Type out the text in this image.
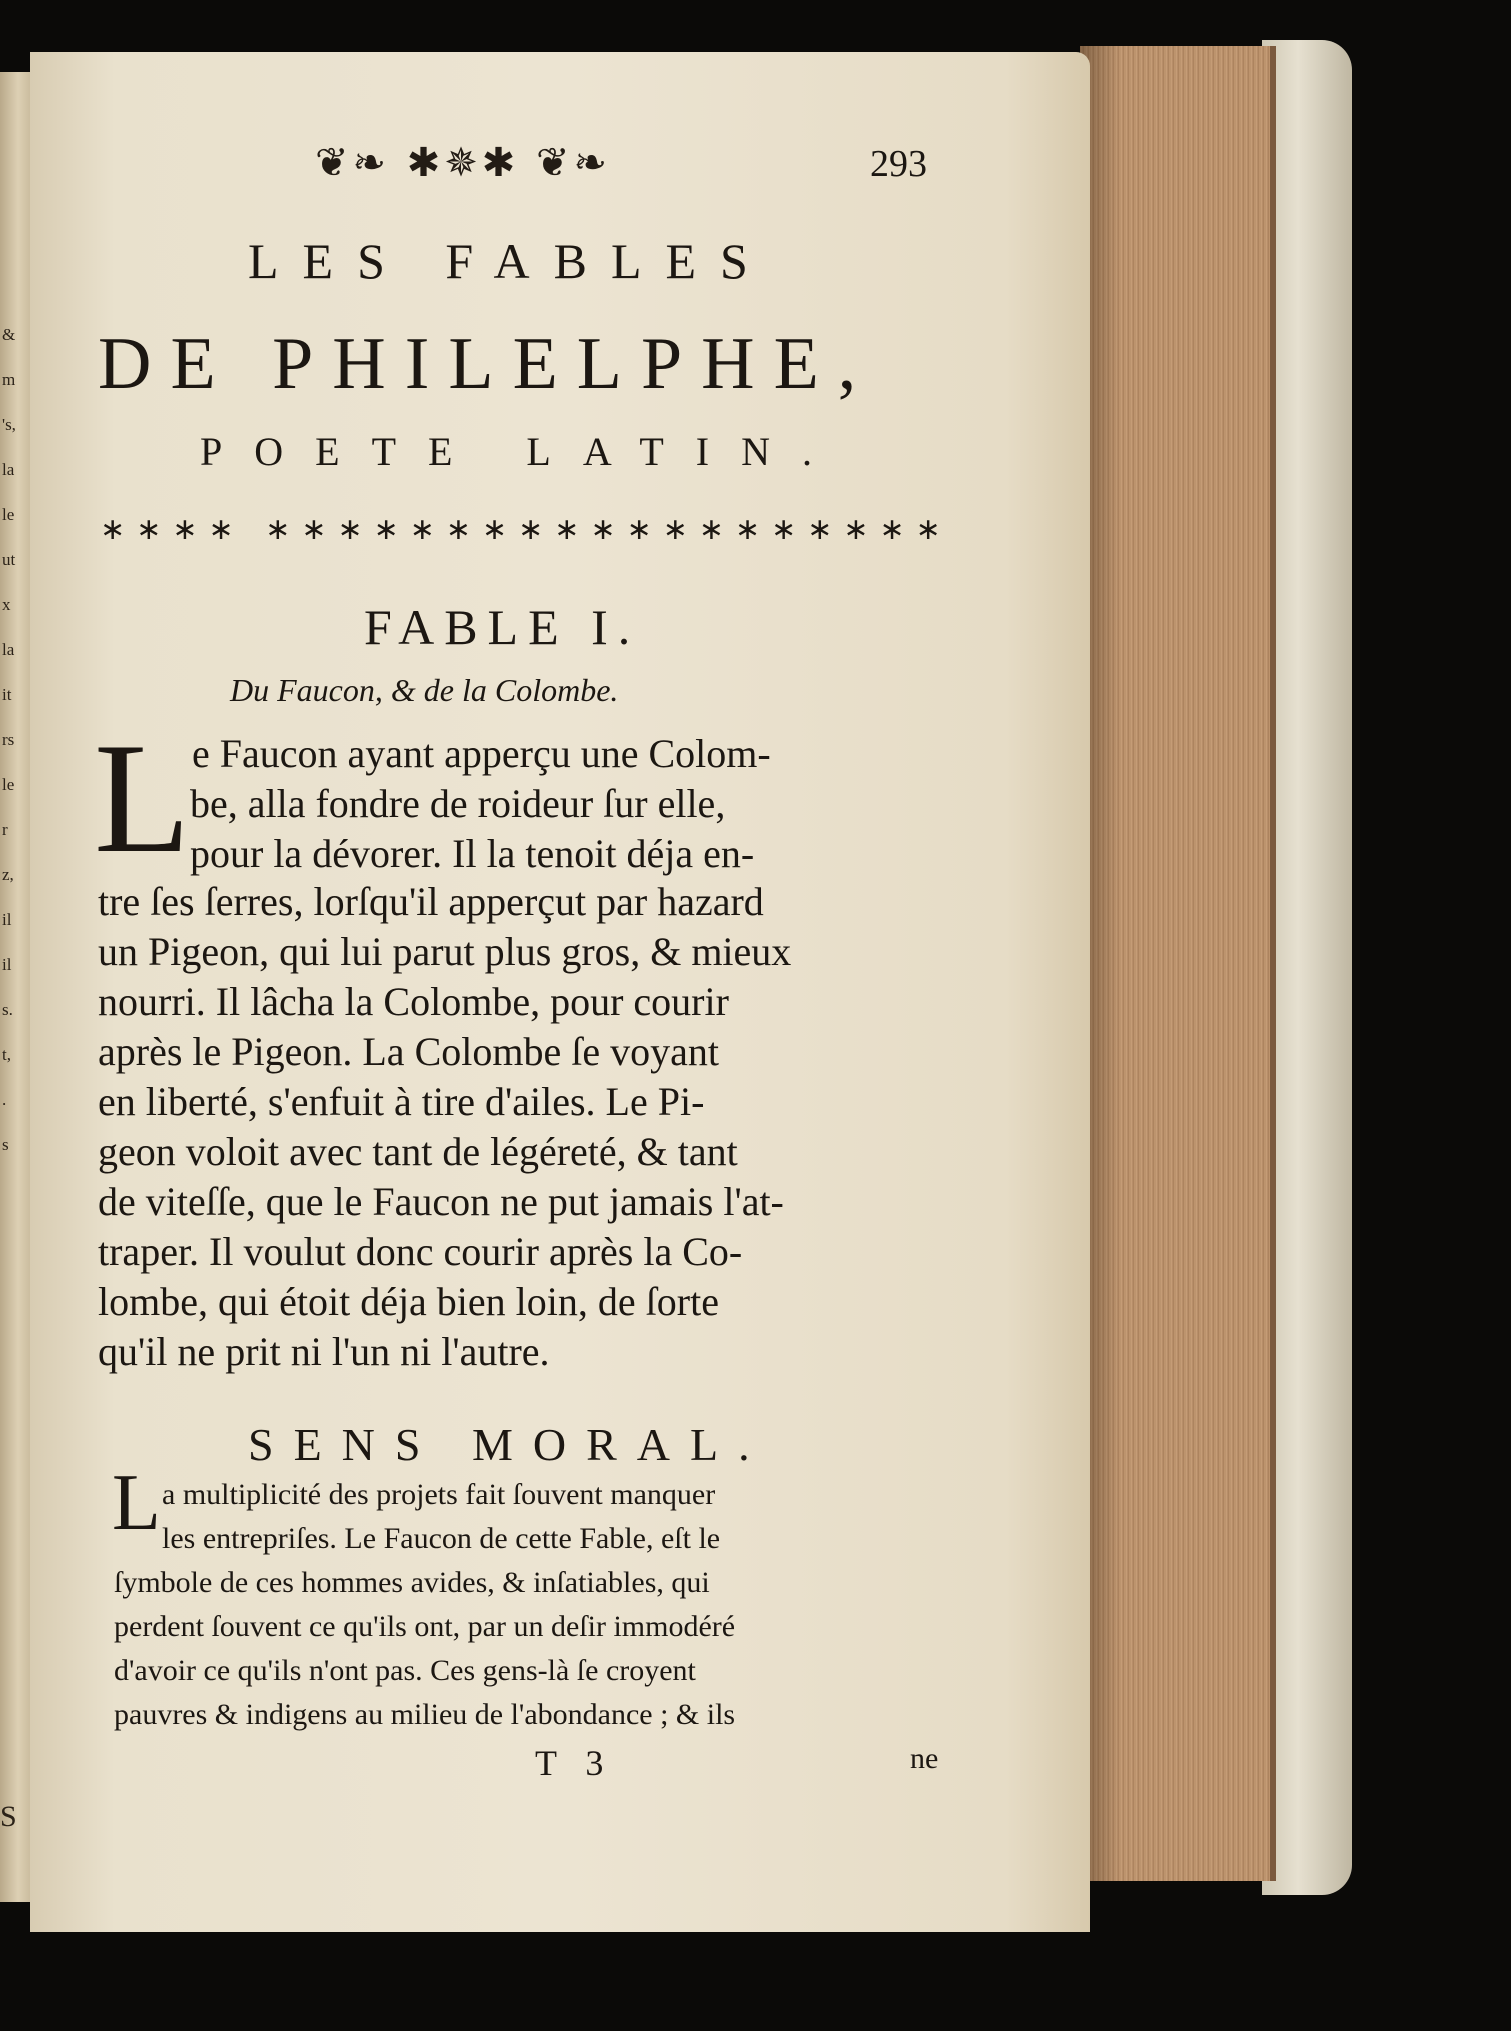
&
m
's,
la
le
ut
x
la
it
rs
le
r
z,
il
il
s.
t,
.
s
S
❦❧ ✱✵✱ ❦❧	293
LES FABLES
DE PHILELPHE,
POETE LATIN.
∗∗∗∗ ∗∗∗∗∗∗∗∗∗∗∗∗∗∗∗∗∗∗∗
FABLE I.
Du Faucon, & de la Colombe.
L e Faucon ayant apperçu une Colom-
be, alla fondre de roideur ſur elle,
pour la dévorer. Il la tenoit déja en-
tre ſes ſerres, lorſqu'il apperçut par hazard
un Pigeon, qui lui parut plus gros, & mieux
nourri. Il lâcha la Colombe, pour courir
après le Pigeon. La Colombe ſe voyant
en liberté, s'enfuit à tire d'ailes. Le Pi-
geon voloit avec tant de légéreté, & tant
de viteſſe, que le Faucon ne put jamais l'at-
traper. Il voulut donc courir après la Co-
lombe, qui étoit déja bien loin, de ſorte
qu'il ne prit ni l'un ni l'autre.
SENS MORAL.
L a multiplicité des projets fait ſouvent manquer
les entrepriſes. Le Faucon de cette Fable, eſt le
ſymbole de ces hommes avides, & inſatiables, qui
perdent ſouvent ce qu'ils ont, par un deſir immodéré
d'avoir ce qu'ils n'ont pas. Ces gens-là ſe croyent
pauvres & indigens au milieu de l'abondance ; & ils
T 3	ne
